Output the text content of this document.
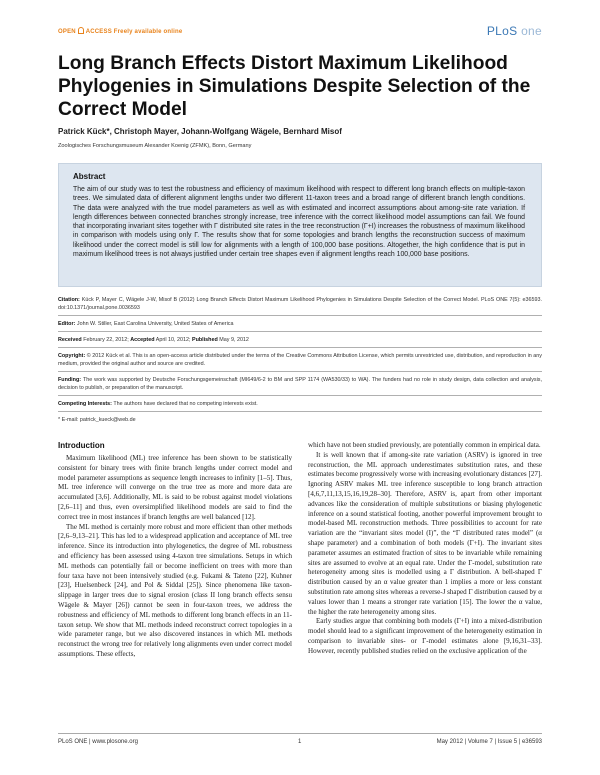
OPEN ACCESS Freely available online	PLoS one
Long Branch Effects Distort Maximum Likelihood Phylogenies in Simulations Despite Selection of the Correct Model
Patrick Kück*, Christoph Mayer, Johann-Wolfgang Wägele, Bernhard Misof
Zoologisches Forschungsmuseum Alexander Koenig (ZFMK), Bonn, Germany
Abstract
The aim of our study was to test the robustness and efficiency of maximum likelihood with respect to different long branch effects on multiple-taxon trees. We simulated data of different alignment lengths under two different 11-taxon trees and a broad range of different branch length conditions. The data were analyzed with the true model parameters as well as with estimated and incorrect assumptions about among-site rate variation. If length differences between connected branches strongly increase, tree inference with the correct likelihood model assumptions can fail. We found that incorporating invariant sites together with Γ distributed site rates in the tree reconstruction (Γ+I) increases the robustness of maximum likelihood in comparison with models using only Γ. The results show that for some topologies and branch lengths the reconstruction success of maximum likelihood under the correct model is still low for alignments with a length of 100,000 base positions. Altogether, the high confidence that is put in maximum likelihood trees is not always justified under certain tree shapes even if alignment lengths reach 100,000 base positions.

Citation: Kück P, Mayer C, Wägele J-W, Misof B (2012) Long Branch Effects Distort Maximum Likelihood Phylogenies in Simulations Despite Selection of the Correct Model. PLoS ONE 7(5): e36593. doi:10.1371/journal.pone.0036593

Editor: John W. Stiller, East Carolina University, United States of America

Received February 22, 2012; Accepted April 10, 2012; Published May 9, 2012

Copyright: © 2012 Kück et al. This is an open-access article distributed under the terms of the Creative Commons Attribution License, which permits unrestricted use, distribution, and reproduction in any medium, provided the original author and source are credited.

Funding: The work was supported by Deutsche Forschungsgemeinschaft (MI649/6-2 to BM and SPP 1174 (WA530/33) to WA). The funders had no role in study design, data collection and analysis, decision to publish, or preparation of the manuscript.

Competing Interests: The authors have declared that no competing interests exist.

* E-mail: patrick_kueck@web.de

Introduction

Maximum likelihood (ML) tree inference has been shown to be statistically consistent for binary trees with finite branch lengths under correct model and model parameter assumptions as sequence length increases to infinity [1–5]. Thus, ML tree inference will converge on the true tree as more and more data are accumulated [3,6]. Additionally, ML is said to be robust against model violations [2,6–11] and thus, even oversimplified likelihood models are said to find the correct tree in most instances if branch lengths are well balanced [12].

The ML method is certainly more robust and more efficient than other methods [2,6–9,13–21]. This has led to a widespread application and acceptance of ML tree inference. Since its introduction into phylogenetics, the degree of ML robustness and efficiency has been assessed using 4-taxon tree simulations. Setups in which ML methods can potentially fail or become inefficient on trees with more than four taxa have not been intensively studied (e.g. Fukami & Tateno [22], Kuhner [23], Huelsenbeck [24], and Pol & Siddal [25]). Since phenomena like taxon-slippage in larger trees due to signal erosion (class II long branch effects sensu Wägele & Mayer [26]) cannot be seen in four-taxon trees, we address the robustness and efficiency of ML methods to different long branch effects in an 11-taxon setup. We show that ML methods indeed reconstruct correct topologies in a wide parameter range, but we also discovered instances in which ML methods reconstruct the wrong tree for relatively long alignments even under correct model assumptions. These effects,

which have not been studied previously, are potentially common in empirical data.

It is well known that if among-site rate variation (ASRV) is ignored in tree reconstruction, the ML approach underestimates substitution rates, and these estimates become progressively worse with increasing evolutionary distances [27]. Ignoring ASRV makes ML tree inference susceptible to long branch attraction [4,6,7,11,13,15,16,19,28–30]. Therefore, ASRV is, apart from other important advances like the consideration of multiple substitutions or biasing phylogenetic inference on a sound statistical footing, another powerful improvement brought to model-based ML reconstruction methods. Three possibilities to account for rate variation are the “invariant sites model (I)”, the “Γ distributed rates model” (α shape parameter) and a combination of both models (Γ+I). The invariant sites parameter assumes an estimated fraction of sites to be invariable while remaining sites are assumed to evolve at an equal rate. Under the Γ-model, substitution rate heterogeneity among sites is modelled using a Γ distribution. A bell-shaped Γ distribution caused by an α value greater than 1 implies a more or less constant substitution rate among sites whereas a reverse-J shaped Γ distribution caused by α values lower than 1 means a stronger rate variation [15]. The lower the α value, the higher the rate heterogeneity among sites.

Early studies argue that combining both models (Γ+I) into a mixed-distribution model should lead to a significant improvement of the heterogeneity estimation in comparison to invariable sites- or Γ-model estimates alone [9,16,31–33]. However, recently published studies relied on the exclusive application of the

PLoS ONE | www.plosone.org	1	May 2012 | Volume 7 | Issue 5 | e36593
